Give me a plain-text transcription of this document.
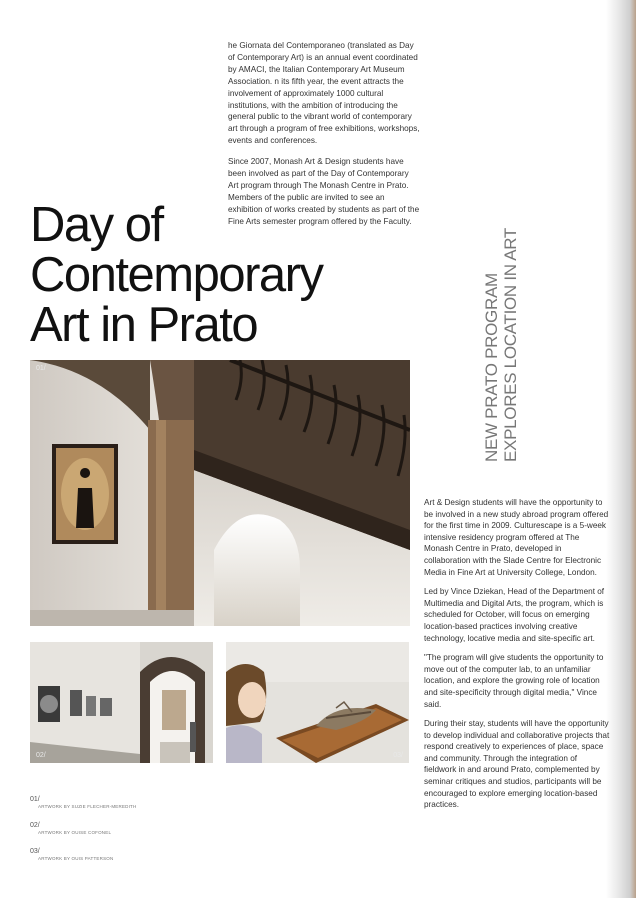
he Giornata del Contemporaneo (translated as Day of Contemporary Art) is an annual event coordinated by AMACI, the Italian Contemporary Art Museum Association. n its fifth year, the event attracts the involvement of approximately 1000 cultural institutions, with the ambition of introducing the general public to the vibrant world of contemporary art through a program of free exhibitions, workshops, events and conferences.

Since 2007, Monash Art & Design students have been involved as part of the Day of Contemporary Art program through The Monash Centre in Prato. Members of the public are invited to see an exhibition of works created by students as part of the Fine Arts semester program offered by the Faculty.

Day of
Contemporary
Art in Prato	NEW PRATO PROGRAM EXPLORES LOCATION IN ART
01/
02/	03/

Art & Design students will have the opportunity to be involved in a new study abroad program offered for the first time in 2009. Culturescape is a 5-week intensive residency program offered at The Monash Centre in Prato, developed in collaboration with the Slade Centre for Electronic Media in Fine Art at University College, London.

Led by Vince Dziekan, Head of the Department of Multimedia and Digital Arts, the program, which is scheduled for October, will focus on emerging location-based practices involving creative technology, locative media and site-specific art.

"The program will give students the opportunity to move out of the computer lab, to an unfamiliar location, and explore the growing role of location and site-specificity through digital media," Vince said.

During their stay, students will have the opportunity to develop individual and collaborative projects that respond creatively to experiences of place, space and community. Through the integration of fieldwork in and around Prato, complemented by seminar critiques and studios, participants will be encouraged to explore emerging location-based practices.

01/
ARTWORK BY SUZIE FLECHER-MEREDITH
02/
ARTWORK BY OUISE COFONEL
03/
ARTWORK BY OUIS PATTERSON
